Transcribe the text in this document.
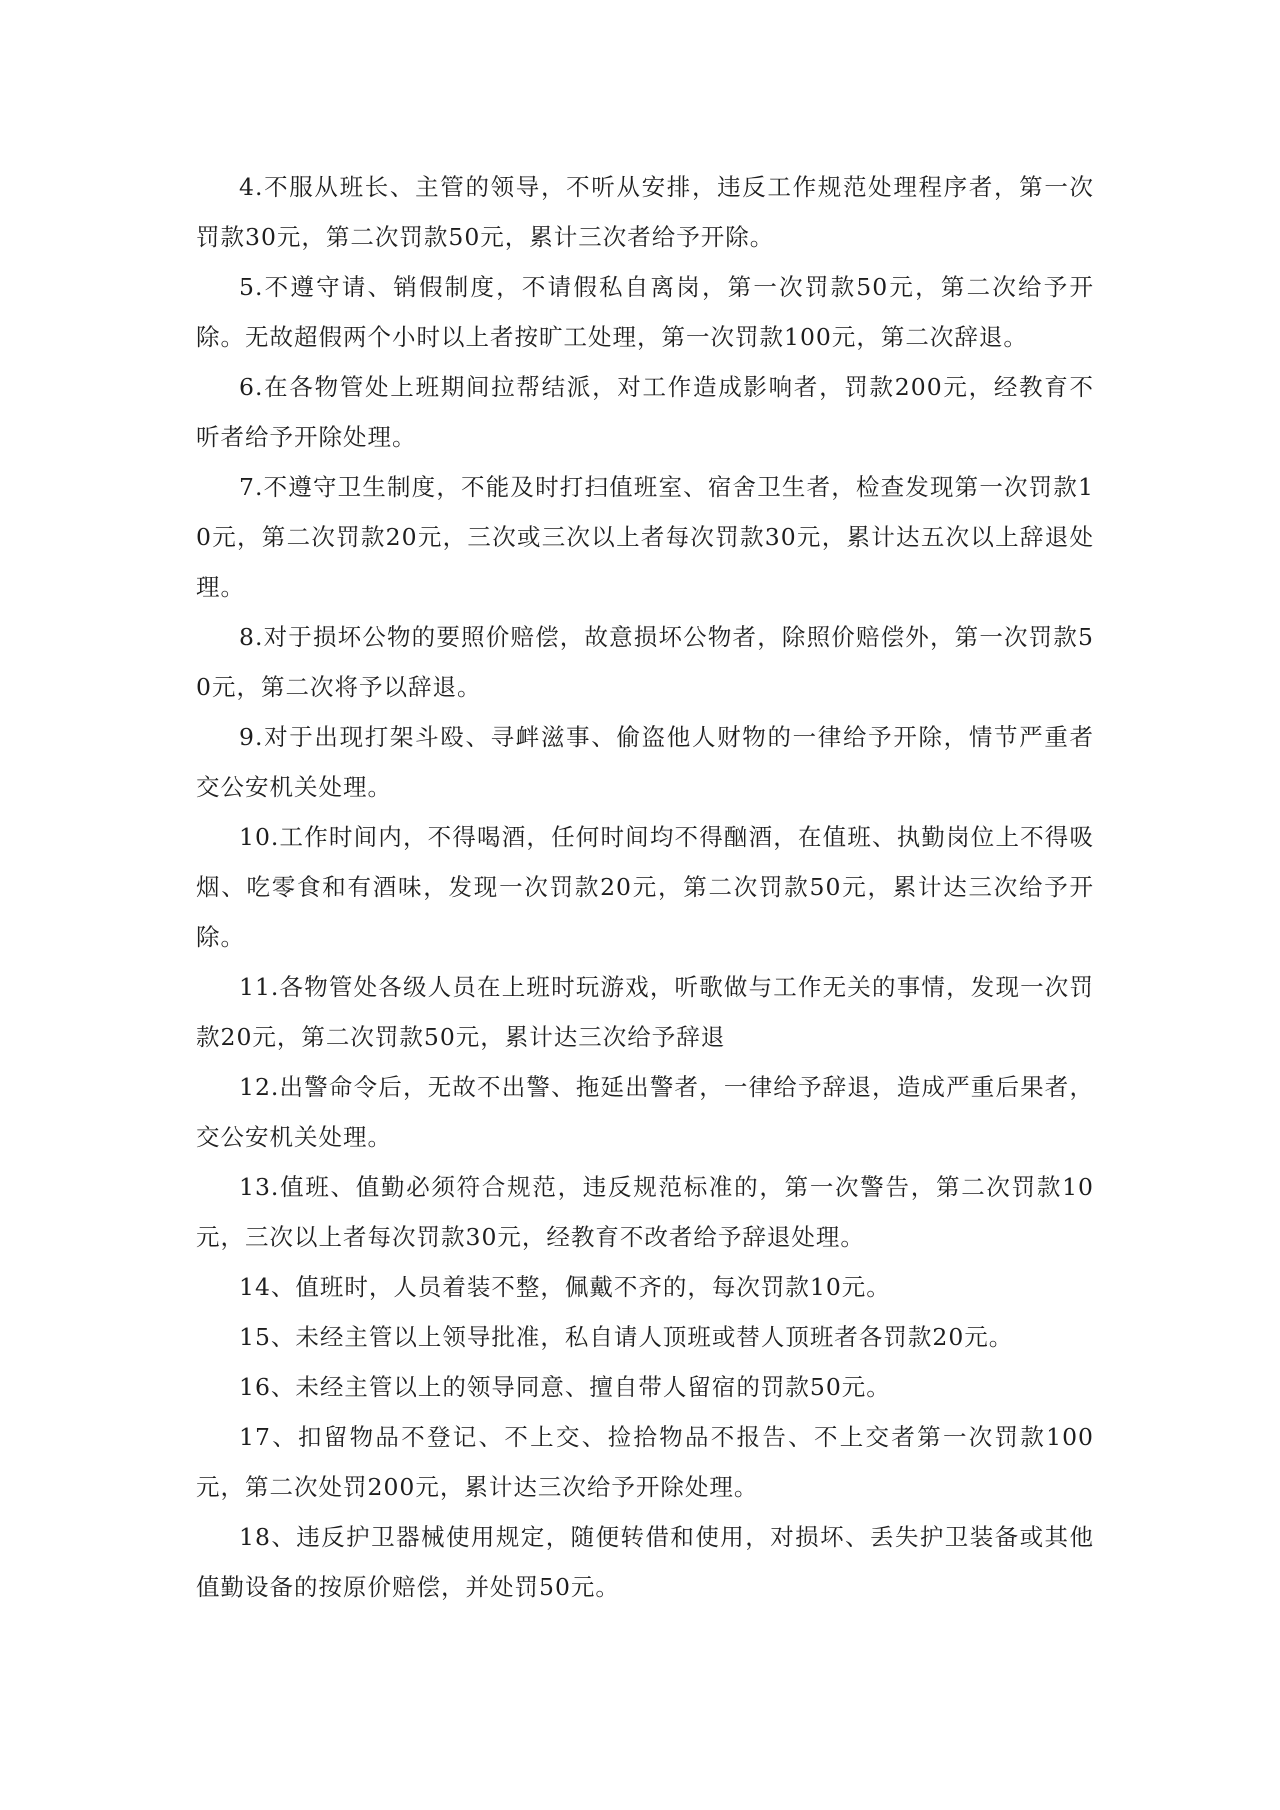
4.不服从班长、主管的领导，不听从安排，违反工作规范处理程序者，第一次罚款30元，第二次罚款50元，累计三次者给予开除。

5.不遵守请、销假制度，不请假私自离岗，第一次罚款50元，第二次给予开除。无故超假两个小时以上者按旷工处理，第一次罚款100元，第二次辞退。

6.在各物管处上班期间拉帮结派，对工作造成影响者，罚款200元，经教育不听者给予开除处理。

7.不遵守卫生制度，不能及时打扫值班室、宿舍卫生者，检查发现第一次罚款10元，第二次罚款20元，三次或三次以上者每次罚款30元，累计达五次以上辞退处理。

8.对于损坏公物的要照价赔偿，故意损坏公物者，除照价赔偿外，第一次罚款50元，第二次将予以辞退。

9.对于出现打架斗殴、寻衅滋事、偷盗他人财物的一律给予开除，情节严重者交公安机关处理。

10.工作时间内，不得喝酒，任何时间均不得酗酒，在值班、执勤岗位上不得吸烟、吃零食和有酒味，发现一次罚款20元，第二次罚款50元，累计达三次给予开除。

11.各物管处各级人员在上班时玩游戏，听歌做与工作无关的事情，发现一次罚款20元，第二次罚款50元，累计达三次给予辞退

12.出警命令后，无故不出警、拖延出警者，一律给予辞退，造成严重后果者，交公安机关处理。

13.值班、值勤必须符合规范，违反规范标准的，第一次警告，第二次罚款10元，三次以上者每次罚款30元，经教育不改者给予辞退处理。

14、值班时，人员着装不整，佩戴不齐的，每次罚款10元。

15、未经主管以上领导批准，私自请人顶班或替人顶班者各罚款20元。

16、未经主管以上的领导同意、擅自带人留宿的罚款50元。

17、扣留物品不登记、不上交、捡拾物品不报告、不上交者第一次罚款100元，第二次处罚200元，累计达三次给予开除处理。

18、违反护卫器械使用规定，随便转借和使用，对损坏、丢失护卫装备或其他值勤设备的按原价赔偿，并处罚50元。
